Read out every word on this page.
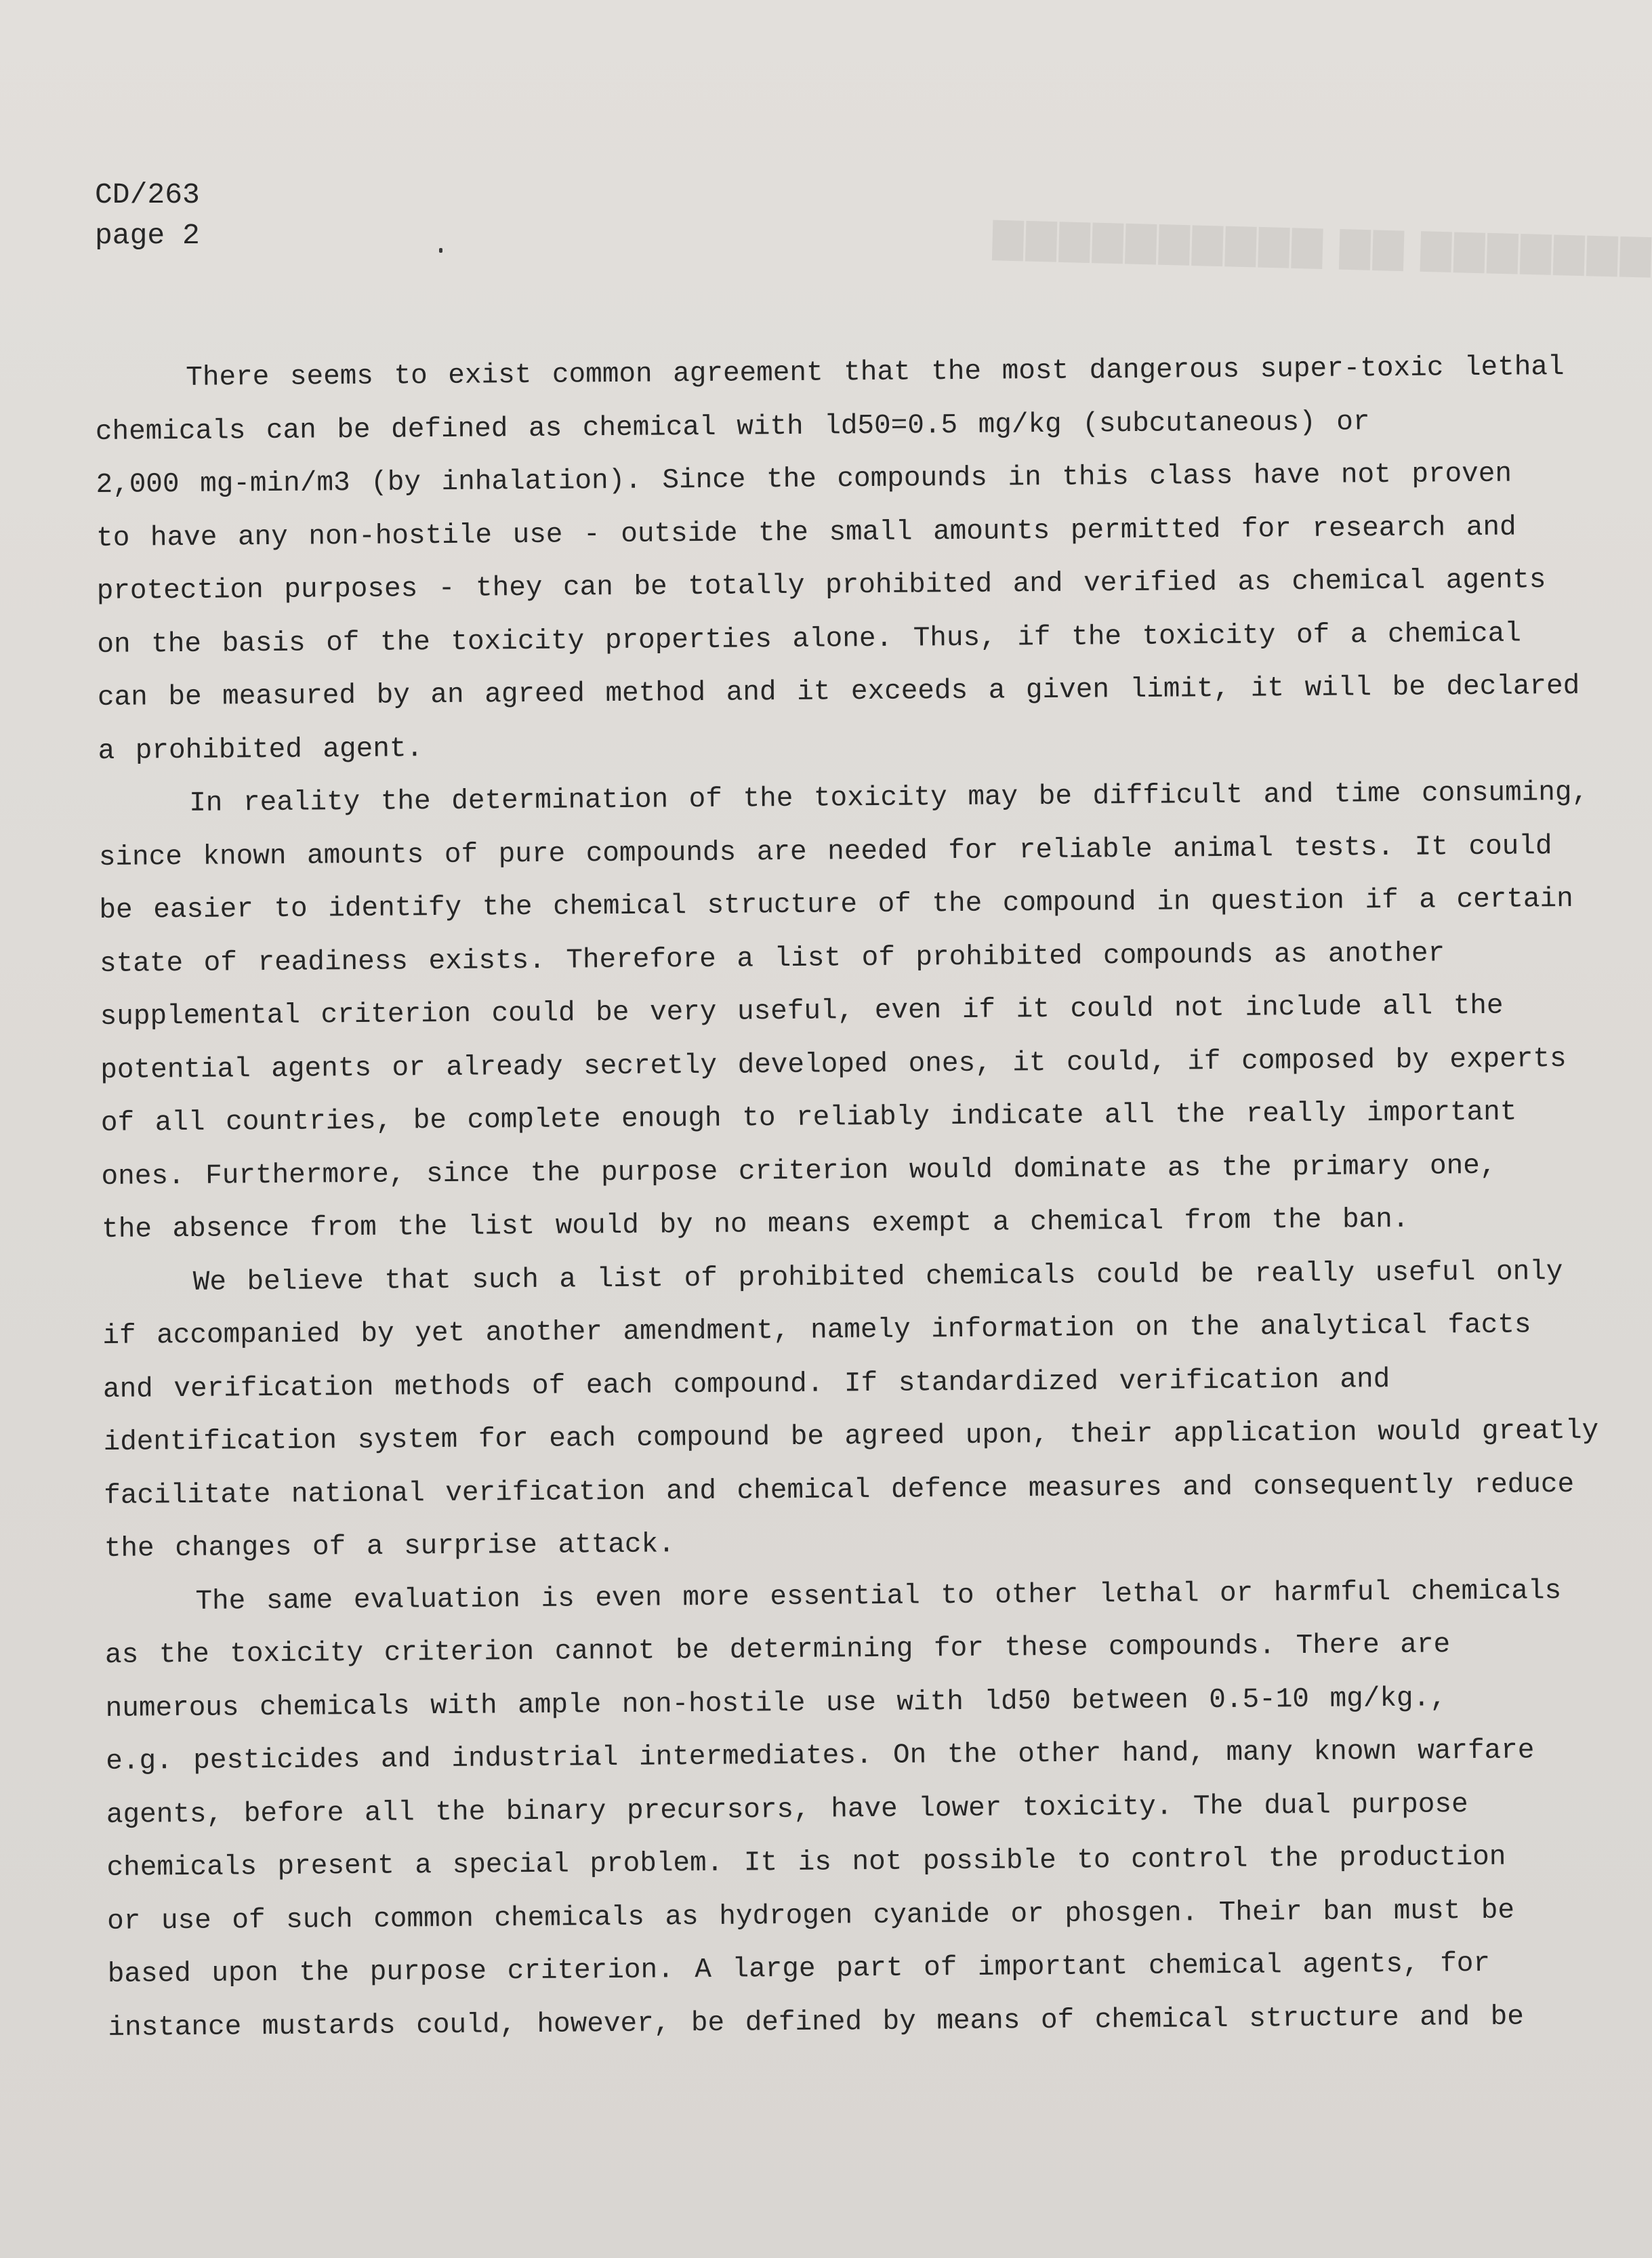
▇▇▇▇▇▇▇ ▇▇ ▇▇▇▇▇▇▇▇▇▇
CD/263
page 2
There seems to exist common agreement that the most dangerous super-toxic lethal
chemicals can be defined as chemical with ld50=0.5 mg/kg (subcutaneous) or
2,000 mg-min/m3 (by inhalation). Since the compounds in this class have not proven
to have any non-hostile use - outside the small amounts permitted for research and
protection purposes - they can be totally prohibited and verified as chemical agents
on the basis of the toxicity properties alone. Thus, if the toxicity of a chemical
can be measured by an agreed method and it exceeds a given limit, it will be declared
a prohibited agent.
In reality the determination of the toxicity may be difficult and time consuming,
since known amounts of pure compounds are needed for reliable animal tests. It could
be easier to identify the chemical structure of the compound in question if a certain
state of readiness exists. Therefore a list of prohibited compounds as another
supplemental criterion could be very useful, even if it could not include all the
potential agents or already secretly developed ones, it could, if composed by experts
of all countries, be complete enough to reliably indicate all the really important
ones. Furthermore, since the purpose criterion would dominate as the primary one,
the absence from the list would by no means exempt a chemical from the ban.
We believe that such a list of prohibited chemicals could be really useful only
if accompanied by yet another amendment, namely information on the analytical facts
and verification methods of each compound. If standardized verification and
identification system for each compound be agreed upon, their application would greatly
facilitate national verification and chemical defence measures and consequently reduce
the changes of a surprise attack.
The same evaluation is even more essential to other lethal or harmful chemicals
as the toxicity criterion cannot be determining for these compounds. There are
numerous chemicals with ample non-hostile use with ld50 between 0.5-10 mg/kg.,
e.g. pesticides and industrial intermediates. On the other hand, many known warfare
agents, before all the binary precursors, have lower toxicity. The dual purpose
chemicals present a special problem. It is not possible to control the production
or use of such common chemicals as hydrogen cyanide or phosgen. Their ban must be
based upon the purpose criterion. A large part of important chemical agents, for
instance mustards could, however, be defined by means of chemical structure and be
